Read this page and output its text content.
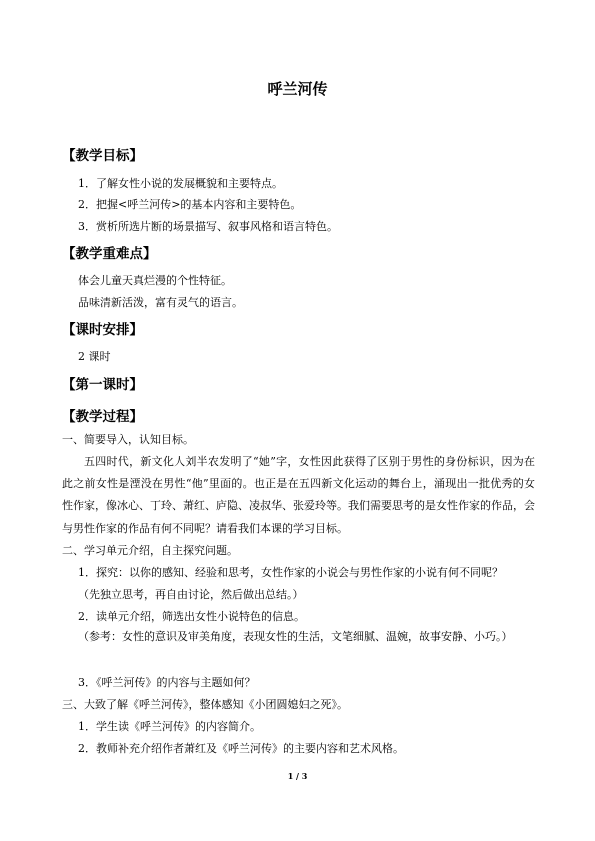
呼兰河传
【教学目标】
1．了解女性小说的发展概貌和主要特点。
2．把握<呼兰河传>的基本内容和主要特色。
3．赏析所选片断的场景描写、叙事风格和语言特色。
【教学重难点】
体会儿童天真烂漫的个性特征。
品味清新活泼，富有灵气的语言。
【课时安排】
2 课时
【第一课时】
【教学过程】
一、简要导入，认知目标。
五四时代，新文化人刘半农发明了“她”字，女性因此获得了区别于男性的身份标识，因为在此之前女性是湮没在男性“他”里面的。也正是在五四新文化运动的舞台上，涌现出一批优秀的女性作家，像冰心、丁玲、萧红、庐隐、凌叔华、张爱玲等。我们需要思考的是女性作家的作品，会与男性作家的作品有何不同呢？请看我们本课的学习目标。
二、学习单元介绍，自主探究问题。
1．探究：以你的感知、经验和思考，女性作家的小说会与男性作家的小说有何不同呢？
（先独立思考，再自由讨论，然后做出总结。）
2．读单元介绍，筛选出女性小说特色的信息。
（参考：女性的意识及审美角度，表现女性的生活，文笔细腻、温婉，故事安静、小巧。）
3．《呼兰河传》的内容与主题如何？
三、大致了解《呼兰河传》，整体感知《小团圆媳妇之死》。
1．学生读《呼兰河传》的内容简介。
2．教师补充介绍作者萧红及《呼兰河传》的主要内容和艺术风格。
1 / 3
